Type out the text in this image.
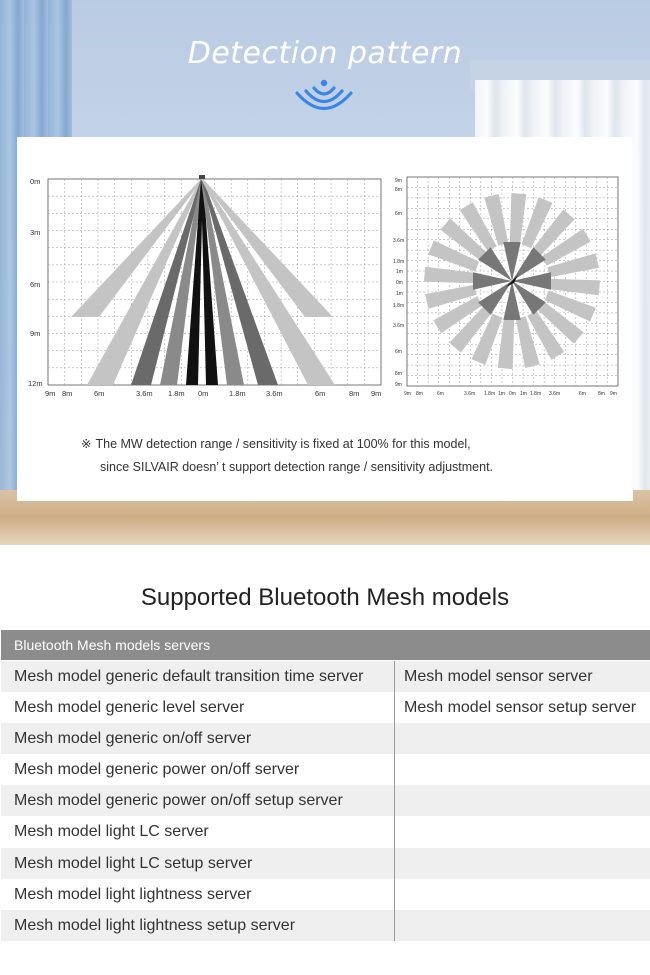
Detection pattern
0m
3m
6m
9m
12m
9m 8m	6m	3.6m 1.8m 0m	1.8m	3.6m	6m	8m 9m
9m
8m
6m
3.6m
1.8m
1m
0m
1m
1.8m
3.6m
6m
8m
9m
9m 8m	6m	3.6m 1.8m 1m 0m 1m 1.8m 3.6m	6m 8m 9m
※ The MW detection range / sensitivity is fixed at 100% for this model,
since SILVAIR doesn’ t support detection range / sensitivity adjustment.
Supported Bluetooth Mesh models
Bluetooth Mesh models servers
Mesh model generic default transition time server	Mesh model sensor server
Mesh model generic level server	Mesh model sensor setup server
Mesh model generic on/off server
Mesh model generic power on/off server
Mesh model generic power on/off setup server
Mesh model light LC server
Mesh model light LC setup server
Mesh model light lightness server
Mesh model light lightness setup server
